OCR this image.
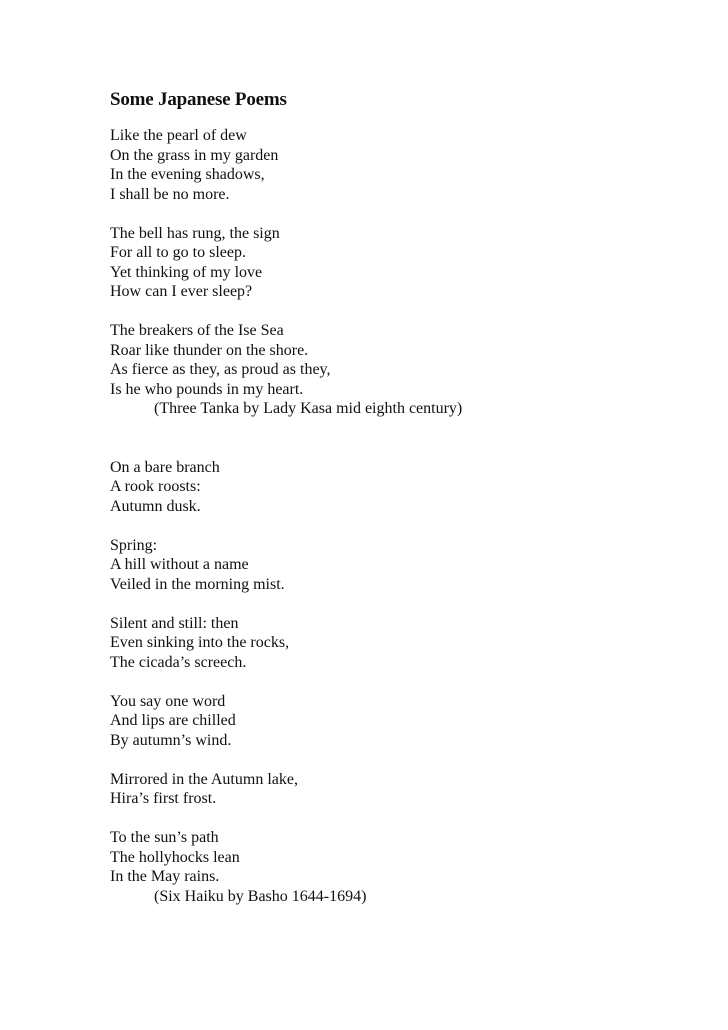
Some Japanese Poems
Like the pearl of dew
On the grass in my garden
In the evening shadows,
I shall be no more.
The bell has rung, the sign
For all to go to sleep.
Yet thinking of my love
How can I ever sleep?
The breakers of the Ise Sea
Roar like thunder on the shore.
As fierce as they, as proud as they,
Is he who pounds in my heart.
(Three Tanka by Lady Kasa mid eighth century)
On a bare branch
A rook roosts:
Autumn dusk.
Spring:
A hill without a name
Veiled in the morning mist.
Silent and still: then
Even sinking into the rocks,
The cicada’s screech.
You say one word
And lips are chilled
By autumn’s wind.
Mirrored in the Autumn lake,
Hira’s first frost.
To the sun’s path
The hollyhocks lean
In the May rains.
(Six Haiku by Basho 1644-1694)
